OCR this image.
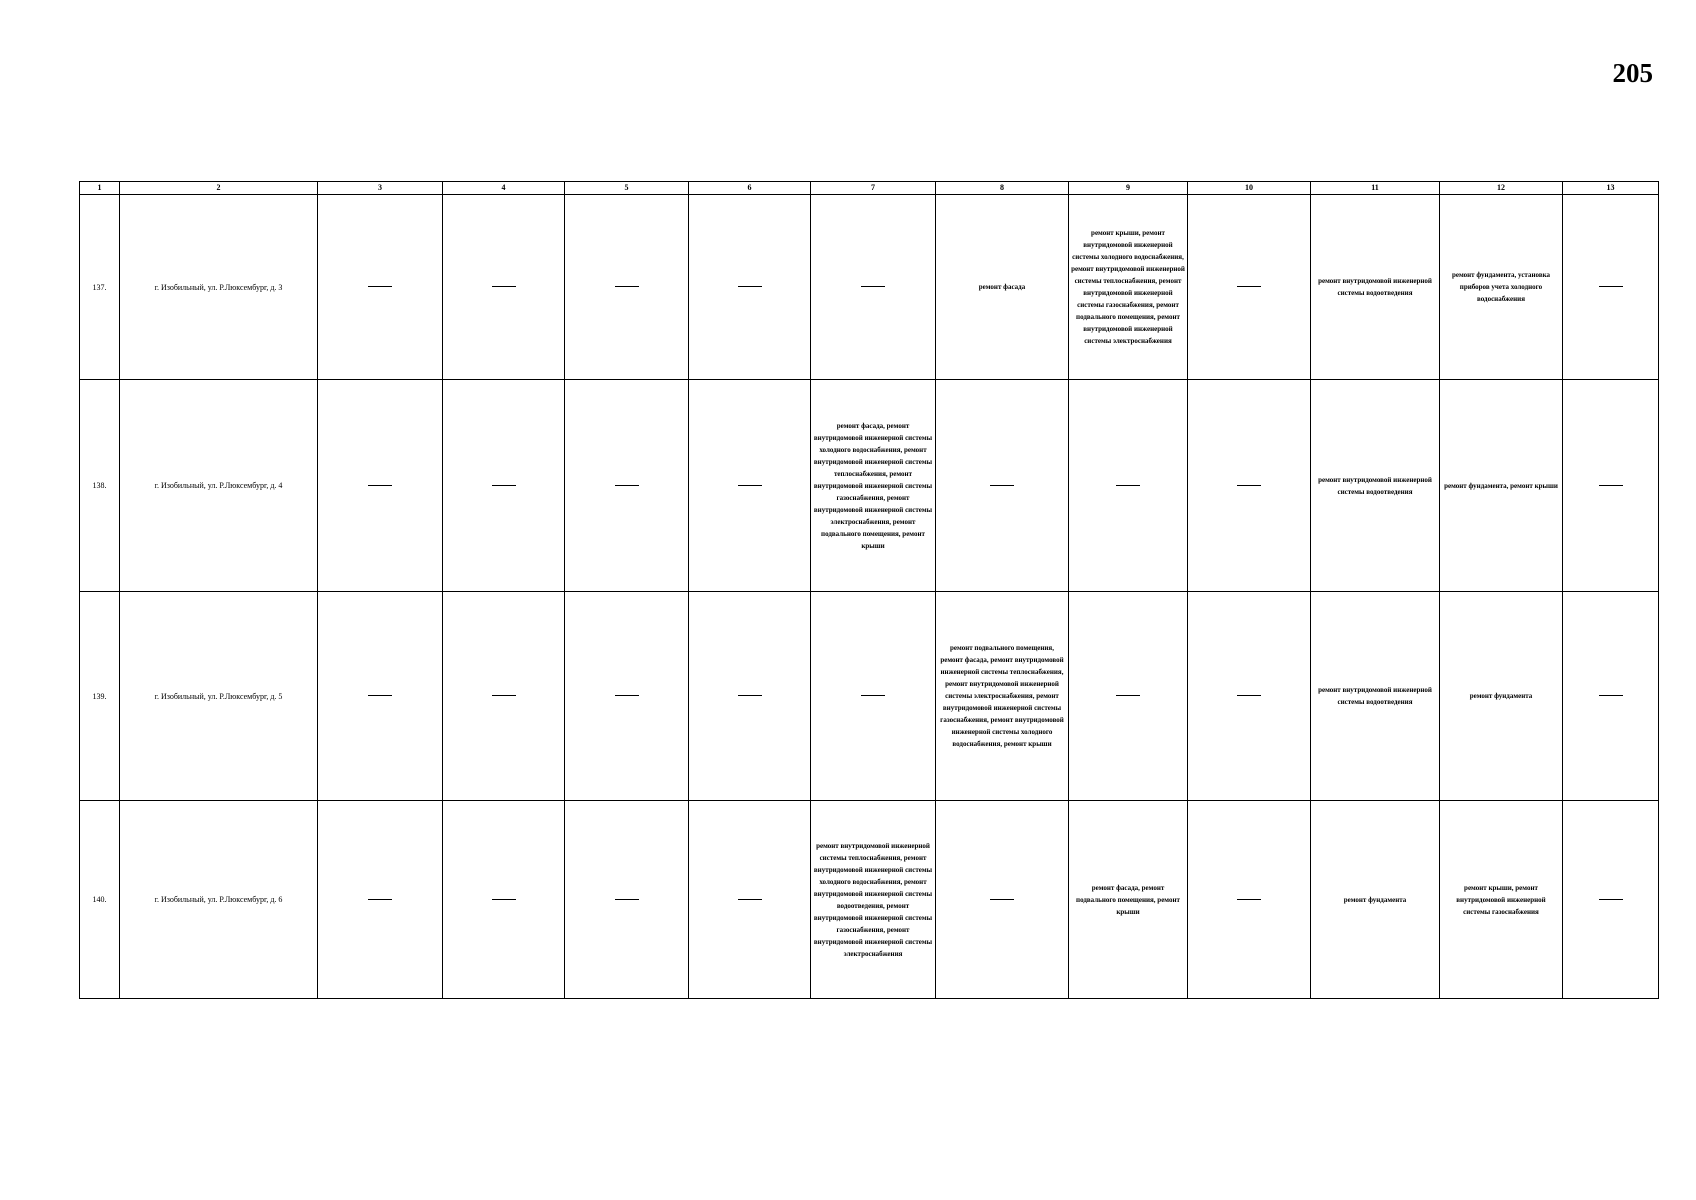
205
1	2	3	4	5	6	7	8	9	10	11	12	13
137.	г. Изобильный, ул. Р.Люксембург, д. 3						ремонт фасада	ремонт крыши, ремонт внутридомовой инженерной системы холодного водоснабжения, ремонт внутридомовой инженерной системы теплоснабжения, ремонт внутридомовой инженерной системы газоснабжения, ремонт подвального помещения, ремонт внутридомовой инженерной системы электроснабжения		ремонт внутридомовой инженерной системы водоотведения	ремонт фундамента, установка приборов учета холодного водоснабжения	
138.	г. Изобильный, ул. Р.Люксембург, д. 4					ремонт фасада, ремонт внутридомовой инженерной системы холодного водоснабжения, ремонт внутридомовой инженерной системы теплоснабжения, ремонт внутридомовой инженерной системы газоснабжения, ремонт внутридомовой инженерной системы электроснабжения, ремонт подвального помещения, ремонт крыши				ремонт внутридомовой инженерной системы водоотведения	ремонт фундамента, ремонт крыши	
139.	г. Изобильный, ул. Р.Люксембург, д. 5						ремонт подвального помещения, ремонт фасада, ремонт внутридомовой инженерной системы теплоснабжения, ремонт внутридомовой инженерной системы электроснабжения, ремонт внутридомовой инженерной системы газоснабжения, ремонт внутридомовой инженерной системы холодного водоснабжения, ремонт крыши			ремонт внутридомовой инженерной системы водоотведения	ремонт фундамента	
140.	г. Изобильный, ул. Р.Люксембург, д. 6					ремонт внутридомовой инженерной системы теплоснабжения, ремонт внутридомовой инженерной системы холодного водоснабжения, ремонт внутридомовой инженерной системы водоотведения, ремонт внутридомовой инженерной системы газоснабжения, ремонт внутридомовой инженерной системы электроснабжения		ремонт фасада, ремонт подвального помещения, ремонт крыши		ремонт фундамента	ремонт крыши, ремонт внутридомовой инженерной системы газоснабжения	
